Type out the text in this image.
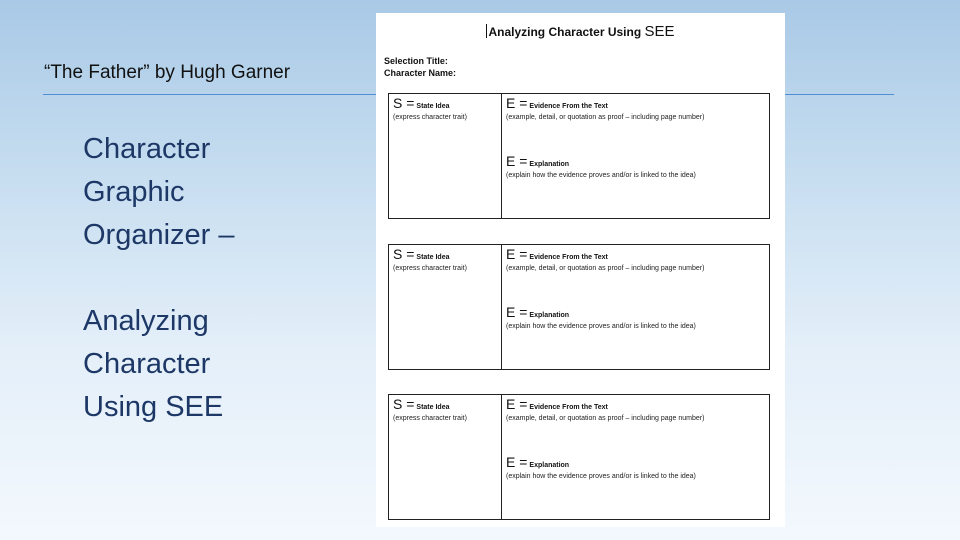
“The Father” by Hugh Garner
Character
Graphic
Organizer –
Analyzing
Character
Using SEE
Analyzing Character Using SEE
Selection Title:
Character Name:
S = State Idea
(express character trait)
E = Evidence From the Text
(example, detail, or quotation as proof – including page number)
E = Explanation
(explain how the evidence proves and/or is linked to the idea)
S = State Idea
(express character trait)
E = Evidence From the Text
(example, detail, or quotation as proof – including page number)
E = Explanation
(explain how the evidence proves and/or is linked to the idea)
S = State Idea
(express character trait)
E = Evidence From the Text
(example, detail, or quotation as proof – including page number)
E = Explanation
(explain how the evidence proves and/or is linked to the idea)
